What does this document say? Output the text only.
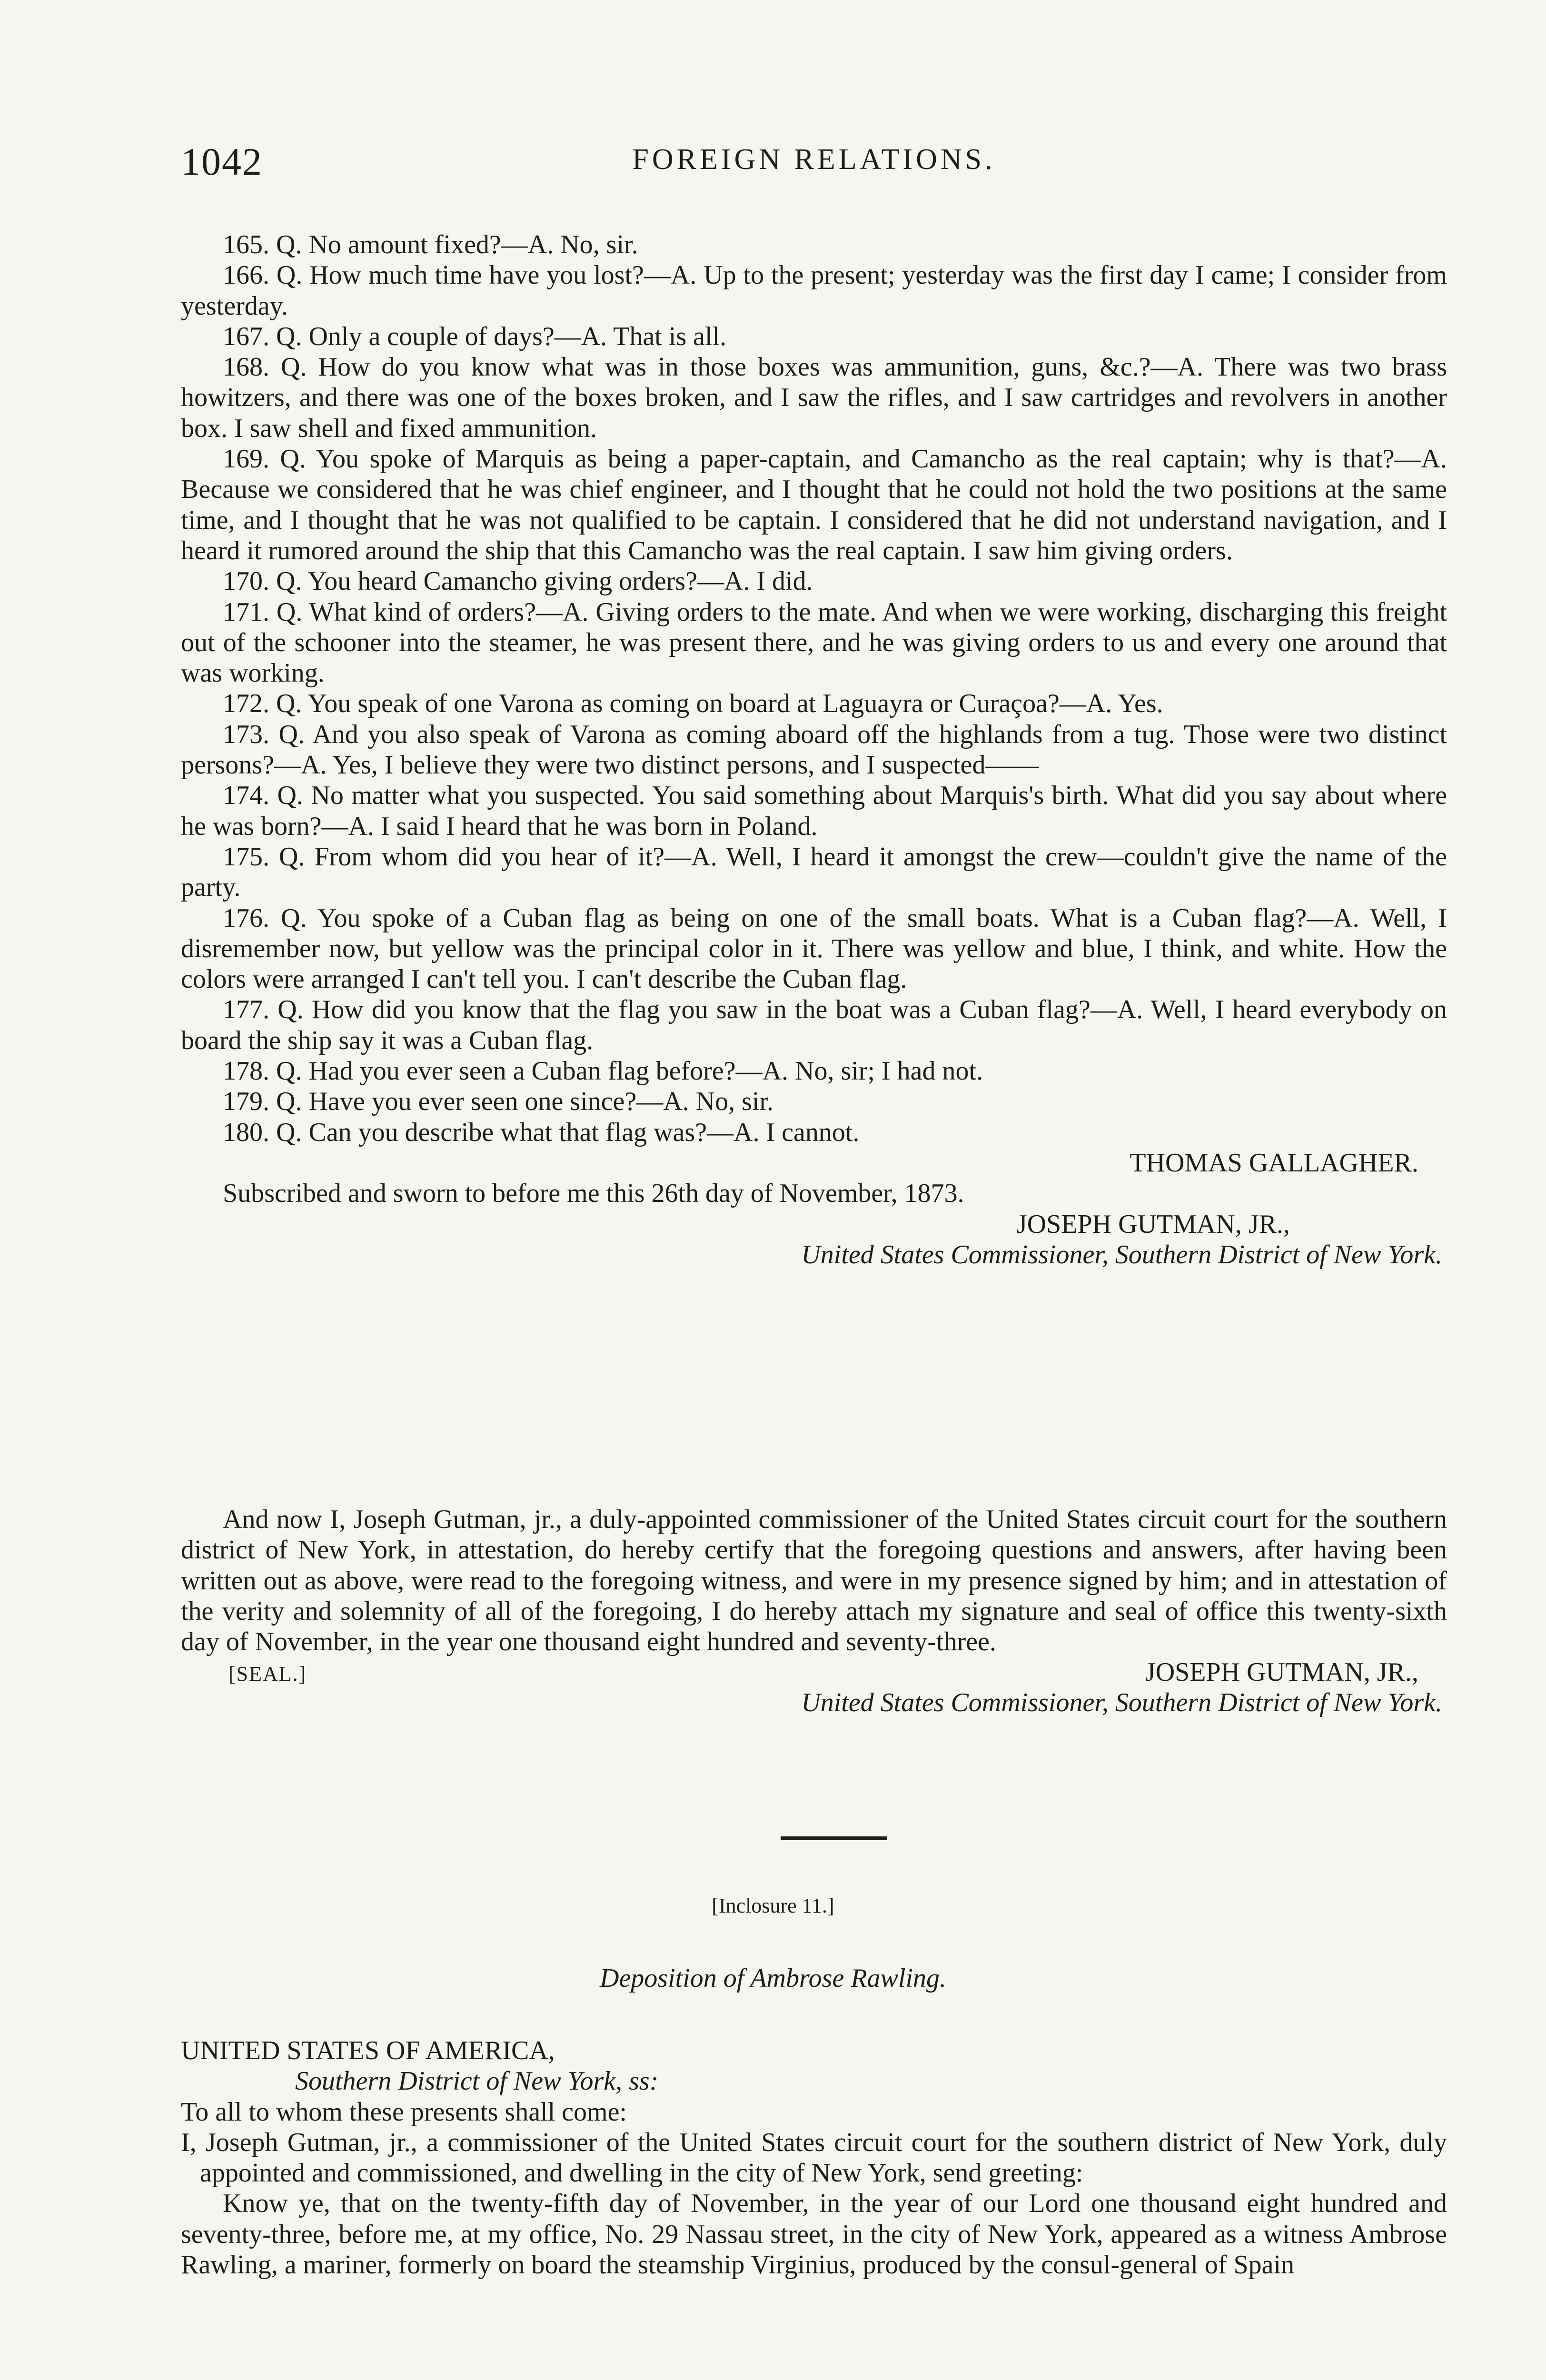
1042	FOREIGN RELATIONS.

165. Q. No amount fixed?—A. No, sir.

166. Q. How much time have you lost?—A. Up to the present; yesterday was the first day I came; I consider from yesterday.

167. Q. Only a couple of days?—A. That is all.

168. Q. How do you know what was in those boxes was ammunition, guns, &c.?—A. There was two brass howitzers, and there was one of the boxes broken, and I saw the rifles, and I saw cartridges and revolvers in another box. I saw shell and fixed ammunition.

169. Q. You spoke of Marquis as being a paper-captain, and Camancho as the real captain; why is that?—A. Because we considered that he was chief engineer, and I thought that he could not hold the two positions at the same time, and I thought that he was not qualified to be captain. I considered that he did not understand navigation, and I heard it rumored around the ship that this Camancho was the real captain. I saw him giving orders.

170. Q. You heard Camancho giving orders?—A. I did.

171. Q. What kind of orders?—A. Giving orders to the mate. And when we were working, discharging this freight out of the schooner into the steamer, he was present there, and he was giving orders to us and every one around that was working.

172. Q. You speak of one Varona as coming on board at Laguayra or Curaçoa?—A. Yes.

173. Q. And you also speak of Varona as coming aboard off the highlands from a tug. Those were two distinct persons?—A. Yes, I believe they were two distinct persons, and I suspected——

174. Q. No matter what you suspected. You said something about Marquis's birth. What did you say about where he was born?—A. I said I heard that he was born in Poland.

175. Q. From whom did you hear of it?—A. Well, I heard it amongst the crew—couldn't give the name of the party.

176. Q. You spoke of a Cuban flag as being on one of the small boats. What is a Cuban flag?—A. Well, I disremember now, but yellow was the principal color in it. There was yellow and blue, I think, and white. How the colors were arranged I can't tell you. I can't describe the Cuban flag.

177. Q. How did you know that the flag you saw in the boat was a Cuban flag?—A. Well, I heard everybody on board the ship say it was a Cuban flag.

178. Q. Had you ever seen a Cuban flag before?—A. No, sir; I had not.

179. Q. Have you ever seen one since?—A. No, sir.

180. Q. Can you describe what that flag was?—A. I cannot.

THOMAS GALLAGHER.

Subscribed and sworn to before me this 26th day of November, 1873.

JOSEPH GUTMAN, JR.,

United States Commissioner, Southern District of New York.

And now I, Joseph Gutman, jr., a duly-appointed commissioner of the United States circuit court for the southern district of New York, in attestation, do hereby certify that the foregoing questions and answers, after having been written out as above, were read to the foregoing witness, and were in my presence signed by him; and in attestation of the verity and solemnity of all of the foregoing, I do hereby attach my signature and seal of office this twenty-sixth day of November, in the year one thousand eight hundred and seventy-three.

[SEAL.]	JOSEPH GUTMAN, JR.,
United States Commissioner, Southern District of New York.
[Inclosure 11.]
Deposition of Ambrose Rawling.

UNITED STATES OF AMERICA,

Southern District of New York, ss:

To all to whom these presents shall come:

I, Joseph Gutman, jr., a commissioner of the United States circuit court for the southern district of New York, duly appointed and commissioned, and dwelling in the city of New York, send greeting:

Know ye, that on the twenty-fifth day of November, in the year of our Lord one thousand eight hundred and seventy-three, before me, at my office, No. 29 Nassau street, in the city of New York, appeared as a witness Ambrose Rawling, a mariner, formerly on board the steamship Virginius, produced by the consul-general of Spain
